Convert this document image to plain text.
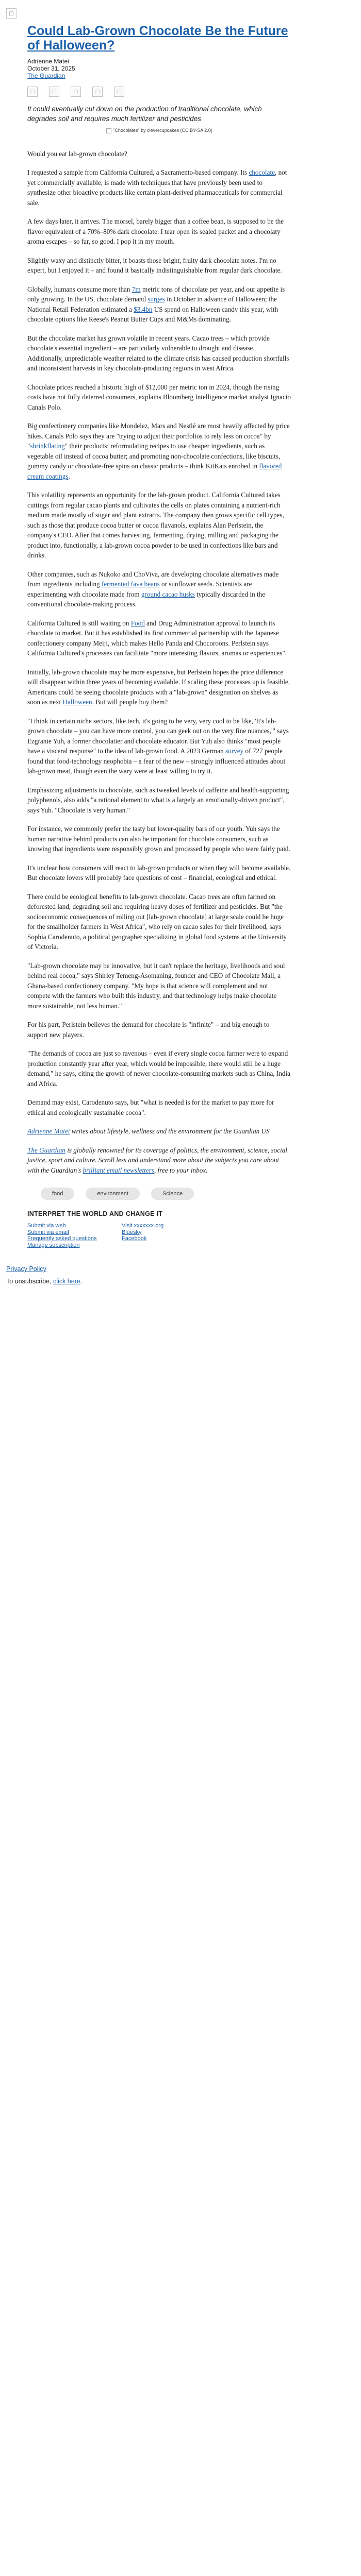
□
Could Lab-Grown Chocolate Be the Future of Halloween?
Adrienne Matei
October 31, 2025
The Guardian
□	□	□	□	□

It could eventually cut down on the production of traditional chocolate, which degrades soil and requires much fertilizer and pesticides

"Chocolates" by clevercupcakes (CC BY-SA 2.0)

Would you eat lab-grown chocolate?

I requested a sample from California Cultured, a Sacramento-based company. Its chocolate, not yet commercially available, is made with techniques that have previously been used to synthesize other bioactive products like certain plant-derived pharmaceuticals for commercial sale.

A few days later, it arrives. The morsel, barely bigger than a coffee bean, is supposed to be the flavor equivalent of a 70%–80% dark chocolate. I tear open its sealed packet and a chocolaty aroma escapes – so far, so good. I pop it in my mouth.

Slightly waxy and distinctly bitter, it boasts those bright, fruity dark chocolate notes. I'm no expert, but I enjoyed it – and found it basically indistinguishable from regular dark chocolate.

Globally, humans consume more than 7m metric tons of chocolate per year, and our appetite is only growing. In the US, chocolate demand surges in October in advance of Halloween; the National Retail Federation estimated a $3.4bn US spend on Halloween candy this year, with chocolate options like Reese's Peanut Butter Cups and M&Ms dominating.

But the chocolate market has grown volatile in recent years. Cacao trees – which provide chocolate's essential ingredient – are particularly vulnerable to drought and disease. Additionally, unpredictable weather related to the climate crisis has caused production shortfalls and inconsistent harvests in key chocolate-producing regions in west Africa.

Chocolate prices reached a historic high of $12,000 per metric ton in 2024, though the rising costs have not fully deterred consumers, explains Bloomberg Intelligence market analyst Ignacio Canals Polo.

Big confectionery companies like Mondelez, Mars and Nestlé are most heavily affected by price hikes. Canals Polo says they are "trying to adjust their portfolios to rely less on cocoa" by "shrinkflating" their products; reformulating recipes to use cheaper ingredients, such as vegetable oil instead of cocoa butter; and promoting non-chocolate confections, like biscuits, gummy candy or chocolate-free spins on classic products – think KitKats enrobed in flavored cream coatings.

This volatility represents an opportunity for the lab-grown product. California Cultured takes cuttings from regular cacao plants and cultivates the cells on plates containing a nutrient-rich medium made mostly of sugar and plant extracts. The company then grows specific cell types, such as those that produce cocoa butter or cocoa flavanols, explains Alan Perlstein, the company's CEO. After that comes harvesting, fermenting, drying, milling and packaging the product into, functionally, a lab-grown cocoa powder to be used in confections like bars and drinks.

Other companies, such as Nukoko and ChoViva, are developing chocolate alternatives made from ingredients including fermented fava beans or sunflower seeds. Scientists are experimenting with chocolate made from ground cacao husks typically discarded in the conventional chocolate-making process.

California Cultured is still waiting on Food and Drug Administration approval to launch its chocolate to market. But it has established its first commercial partnership with the Japanese confectionery company Meiji, which makes Hello Panda and Chocoroons. Perlstein says California Cultured's processes can facilitate "more interesting flavors, aromas or experiences".

Initially, lab-grown chocolate may be more expensive, but Perlstein hopes the price difference will disappear within three years of becoming available. If scaling these processes up is feasible, Americans could be seeing chocolate products with a "lab-grown" designation on shelves as soon as next Halloween. But will people buy them?

"I think in certain niche sectors, like tech, it's going to be very, very cool to be like, 'It's lab-grown chocolate – you can have more control, you can geek out on the very fine nuances,'" says Ezgranie Yuh, a former chocolatier and chocolate educator. But Yuh also thinks "most people have a visceral response" to the idea of lab-grown food. A 2023 German survey of 727 people found that food-technology neophobia – a fear of the new – strongly influenced attitudes about lab-grown meat, though even the wary were at least willing to try it.

Emphasizing adjustments to chocolate, such as tweaked levels of caffeine and health-supporting polyphenols, also adds "a rational element to what is a largely an emotionally-driven product", says Yuh. "Chocolate is very human."

For instance, we commonly prefer the tasty but lower-quality bars of our youth. Yuh says the human narrative behind products can also be important for chocolate consumers, such as knowing that ingredients were responsibly grown and processed by people who were fairly paid.

It's unclear how consumers will react to lab-grown products or when they will become available. But chocolate lovers will probably face questions of cost – financial, ecological and ethical.

There could be ecological benefits to lab-grown chocolate. Cacao trees are often farmed on deforested land, degrading soil and requiring heavy doses of fertilizer and pesticides. But "the socioeconomic consequences of rolling out [lab-grown chocolate] at large scale could be huge for the smallholder farmers in West Africa", who rely on cacao sales for their livelihood, says Sophia Carodenuto, a political geographer specializing in global food systems at the University of Victoria.

"Lab-grown chocolate may be innovative, but it can't replace the heritage, livelihoods and soul behind real cocoa," says Shirley Temeng-Asomaning, founder and CEO of Chocolate Mall, a Ghana-based confectionery company. "My hope is that science will complement and not compete with the farmers who built this industry, and that technology helps make chocolate more sustainable, not less human."

For his part, Perlstein believes the demand for chocolate is "infinite" – and big enough to support new players.

"The demands of cocoa are just so ravenous – even if every single cocoa farmer were to expand production constantly year after year, which would be impossible, there would still be a huge demand," he says, citing the growth of newer chocolate-consuming markets such as China, India and Africa.

Demand may exist, Carodenuto says, but "what is needed is for the market to pay more for ethical and ecologically sustainable cocoa".

Adrienne Matei writes about lifestyle, wellness and the environment for the Guardian US

The Guardian is globally renowned for its coverage of politics, the environment, science, social justice, sport and culture. Scroll less and understand more about the subjects you care about with the Guardian's brilliant email newsletters, free to your inbox.

food	environment	Science
INTERPRET THE WORLD AND CHANGE IT
Submit via web
Submit via email
Frequently asked questions
Manage subscription
Visit xxxxxxx.org
Bluesky
Facebook
Privacy Policy
To unsubscribe, click here.
